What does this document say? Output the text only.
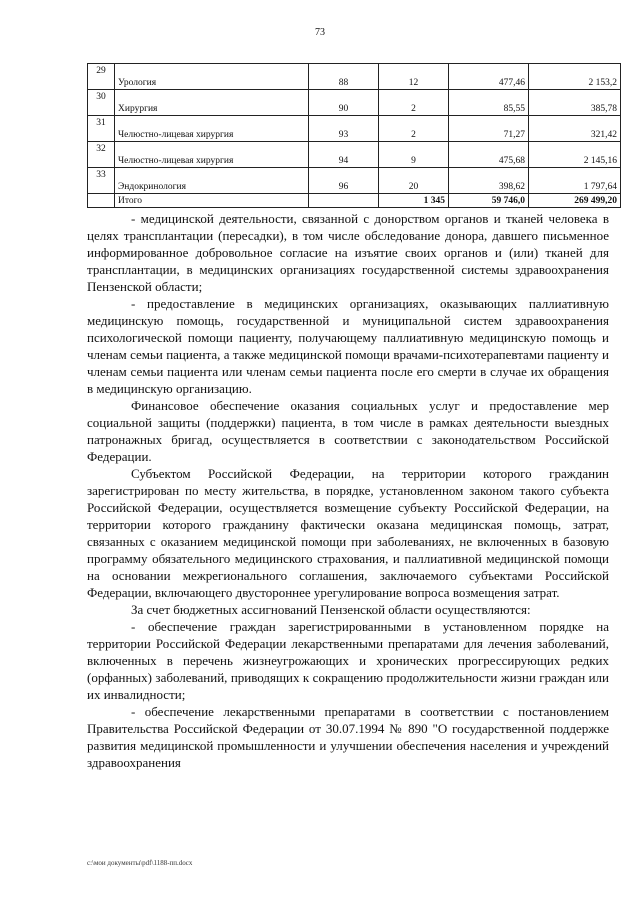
73
29	Урология	88	12	477,46	2 153,2
30	Хирургия	90	2	85,55	385,78
31	Челюстно-лицевая хирургия	93	2	71,27	321,42
32	Челюстно-лицевая хирургия	94	9	475,68	2 145,16
33	Эндокринология	96	20	398,62	1 797,64
	Итого		1 345	59 746,0	269 499,20

- медицинской деятельности, связанной с донорством органов и тканей человека в целях трансплантации (пересадки), в том числе обследование донора, давшего письменное информированное добровольное согласие на изъятие своих органов и (или) тканей для трансплантации, в медицинских организациях государственной системы здравоохранения Пензенской области;

- предоставление в медицинских организациях, оказывающих паллиативную медицинскую помощь, государственной и муниципальной систем здравоохранения психологической помощи пациенту, получающему паллиативную медицинскую помощь и членам семьи пациента, а также медицинской помощи врачами-психотерапевтами пациенту и членам семьи пациента или членам семьи пациента после его смерти в случае их обращения в медицинскую организацию.

Финансовое обеспечение оказания социальных услуг и предоставление мер социальной защиты (поддержки) пациента, в том числе в рамках деятельности выездных патронажных бригад, осуществляется в соответствии с законодательством Российской Федерации.

Субъектом Российской Федерации, на территории которого гражданин зарегистрирован по месту жительства, в порядке, установленном законом такого субъекта Российской Федерации, осуществляется возмещение субъекту Российской Федерации, на территории которого гражданину фактически оказана медицинская помощь, затрат, связанных с оказанием медицинской помощи при заболеваниях, не включенных в базовую программу обязательного медицинского страхования, и паллиативной медицинской помощи на основании межрегионального соглашения, заключаемого субъектами Российской Федерации, включающего двустороннее урегулирование вопроса возмещения затрат.

За счет бюджетных ассигнований Пензенской области осуществляются:

- обеспечение граждан зарегистрированными в установленном порядке на территории Российской Федерации лекарственными препаратами для лечения заболеваний, включенных в перечень жизнеугрожающих и хронических прогрессирующих редких (орфанных) заболеваний, приводящих к сокращению продолжительности жизни граждан или их инвалидности;

- обеспечение лекарственными препаратами в соответствии с постановлением Правительства Российской Федерации от 30.07.1994 № 890 "О государственной поддержке развития медицинской промышленности и улучшении обеспечения населения и учреждений здравоохранения

c:\мои документы\pdf\1188-пп.docx
